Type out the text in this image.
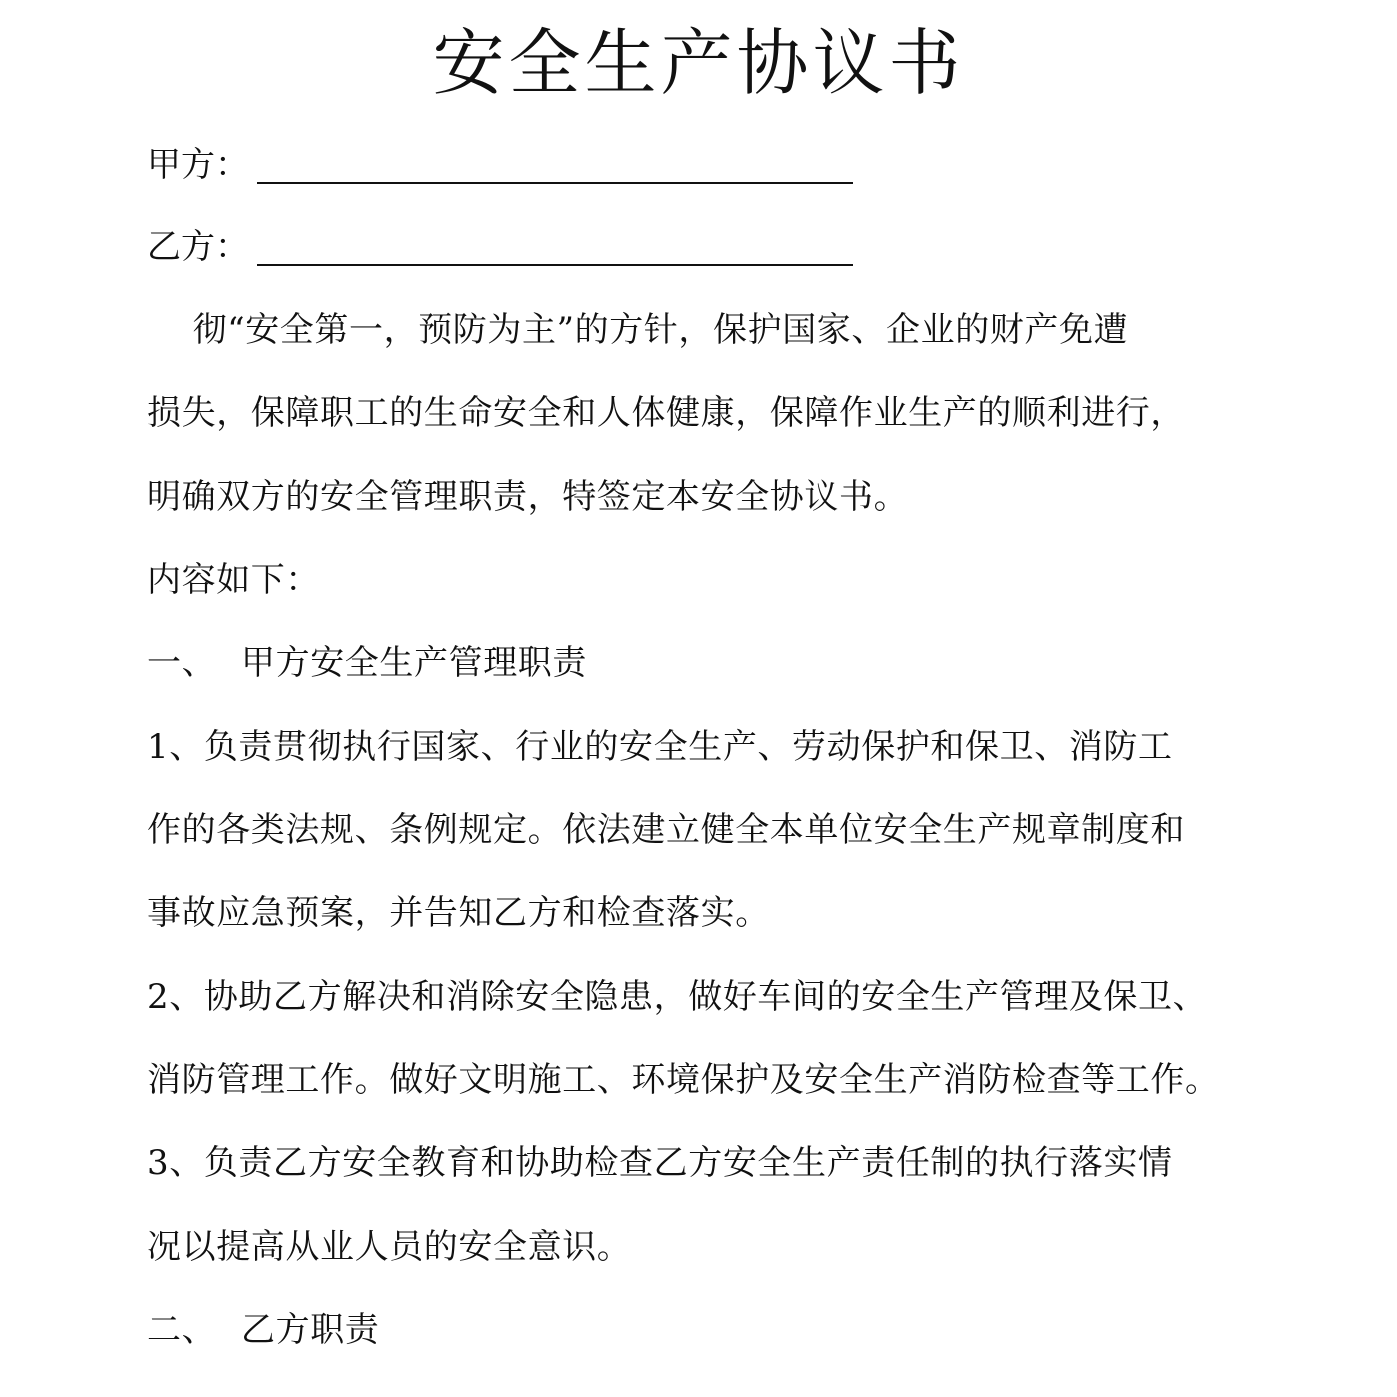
安全生产协议书
甲方：
乙方：
彻“安全第一，预防为主”的方针，保护国家、企业的财产免遭
损失，保障职工的生命安全和人体健康，保障作业生产的顺利进行，
明确双方的安全管理职责，特签定本安全协议书。
内容如下：
一、 甲方安全生产管理职责
1、负责贯彻执行国家、行业的安全生产、劳动保护和保卫、消防工
作的各类法规、条例规定。依法建立健全本单位安全生产规章制度和
事故应急预案，并告知乙方和检查落实。
2、协助乙方解决和消除安全隐患，做好车间的安全生产管理及保卫、
消防管理工作。做好文明施工、环境保护及安全生产消防检查等工作。
3、负责乙方安全教育和协助检查乙方安全生产责任制的执行落实情
况以提高从业人员的安全意识。
二、 乙方职责
